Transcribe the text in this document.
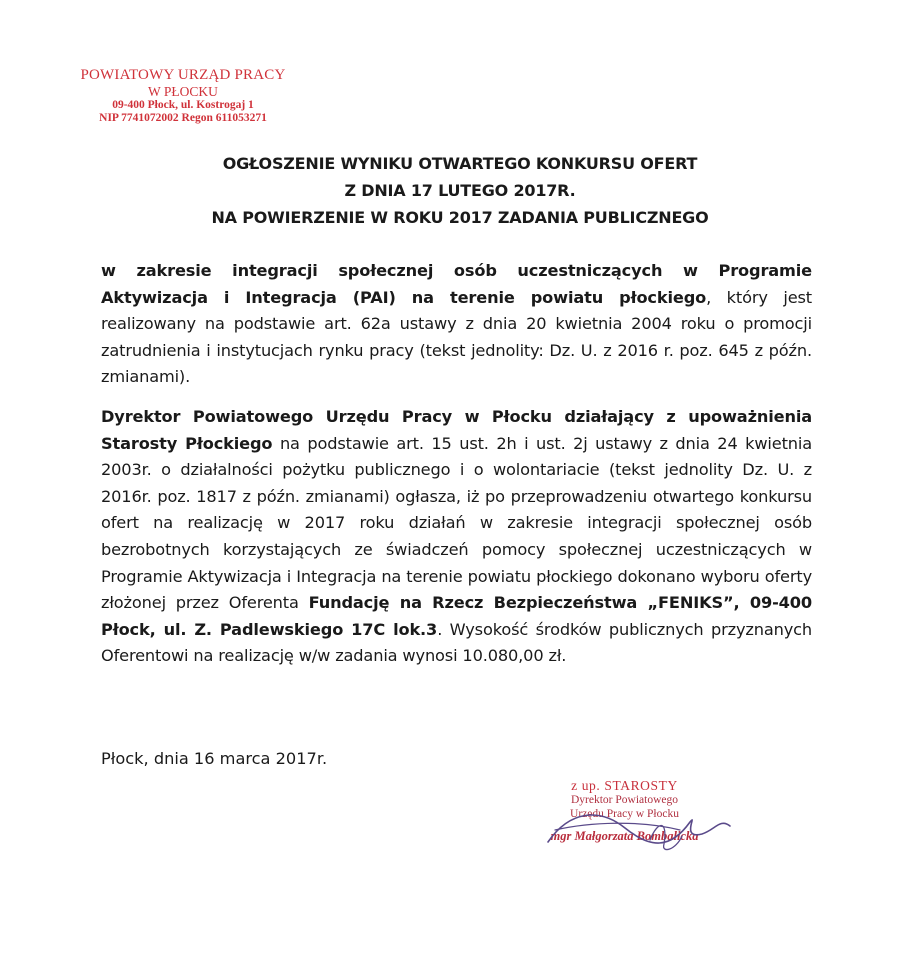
POWIATOWY URZĄD PRACY
W PŁOCKU
09-400 Płock, ul. Kostrogaj 1
NIP 7741072002 Regon 611053271
OGŁOSZENIE WYNIKU OTWARTEGO KONKURSU OFERT
Z DNIA 17 LUTEGO 2017R.
NA POWIERZENIE W ROKU 2017 ZADANIA PUBLICZNEGO
w zakresie integracji społecznej osób uczestniczących w Programie Aktywizacja i Integracja (PAI) na terenie powiatu płockiego, który jest realizowany na podstawie art. 62a ustawy z dnia 20 kwietnia 2004 roku o promocji zatrudnienia i instytucjach rynku pracy (tekst jednolity: Dz. U. z 2016 r. poz. 645 z późn. zmianami).
Dyrektor Powiatowego Urzędu Pracy w Płocku działający z upoważnienia Starosty Płockiego na podstawie art. 15 ust. 2h i ust. 2j ustawy z dnia 24 kwietnia 2003r. o działalności pożytku publicznego i o wolontariacie (tekst jednolity Dz. U. z 2016r. poz. 1817 z późn. zmianami) ogłasza, iż po przeprowadzeniu otwartego konkursu ofert na realizację w 2017 roku działań w zakresie integracji społecznej osób bezrobotnych korzystających ze świadczeń pomocy społecznej uczestniczących w Programie Aktywizacja i Integracja na terenie powiatu płockiego dokonano wyboru oferty złożonej przez Oferenta Fundację na Rzecz Bezpieczeństwa „FENIKS”, 09-400 Płock, ul. Z. Padlewskiego 17C lok.3. Wysokość środków publicznych przyznanych Oferentowi na realizację w/w zadania wynosi 10.080,00 zł.
Płock, dnia 16 marca 2017r.
z up. STAROSTY
Dyrektor Powiatowego
Urzędu Pracy w Płocku
mgr Małgorzata Bombalicka
